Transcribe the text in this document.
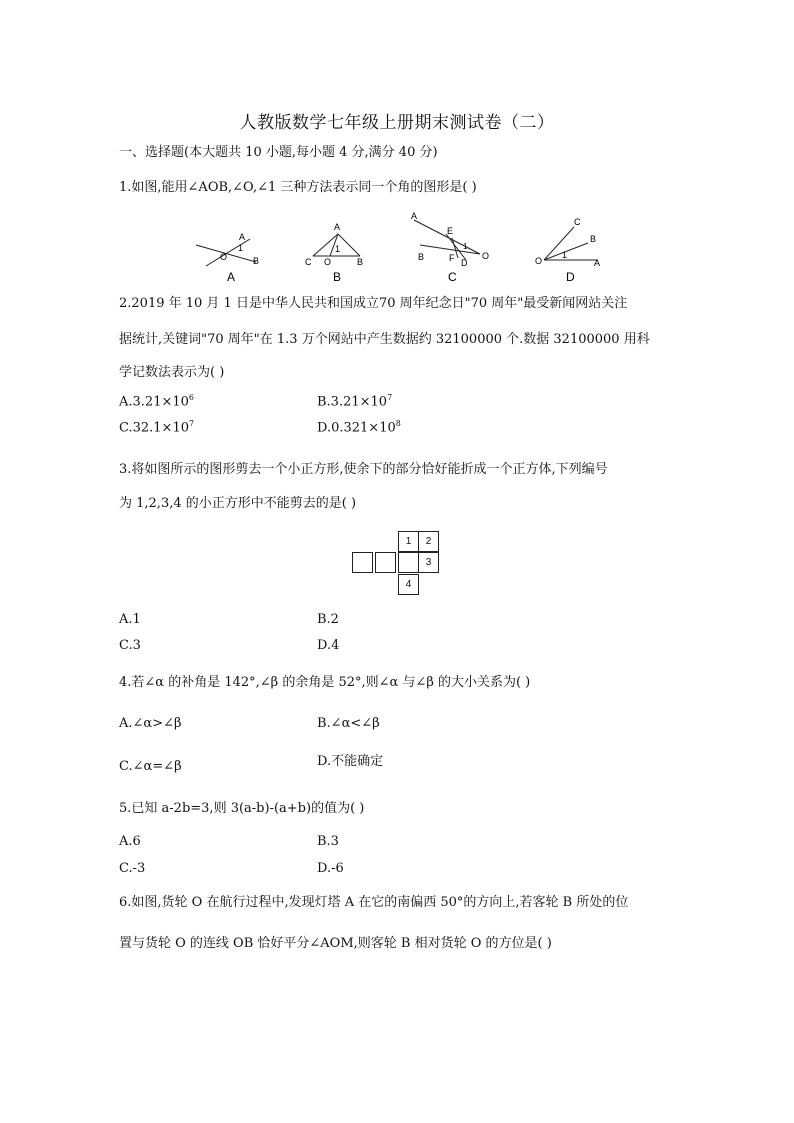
人教版数学七年级上册期末测试卷（二）
一、选择题(本大题共 10 小题,每小题 4 分,满分 40 分)
1.如图,能用∠AOB,∠O,∠1 三种方法表示同一个角的图形是( )
A
1
O	B
A
A
1
C O	B
B
A
E
1
B	F D
O
C
C
B
1
O	A
D
2.2019 年 10 月 1 日是中华人民共和国成立70 周年纪念日"70 周年"最受新闻网站关注
据统计,关键词"70 周年"在 1.3 万个网站中产生数据约 32100000 个.数据 32100000 用科
学记数法表示为( )
$A.3.21\times 10^6$	$B.3.21\times 10^7$
$C.32.1\times 10^7$	$D.0.321\times 10^8$
3.将如图所示的图形剪去一个小正方形,使余下的部分恰好能折成一个正方体,下列编号
为 1,2,3,4 的小正方形中不能剪去的是( )
1	2
3
4
A.1	B.2
C.3	D.4
4.若∠α 的补角是 142°,∠β 的余角是 52°,则∠α 与∠β 的大小关系为( )
A.∠α>∠β	B.∠α<∠β
C.∠α=∠β	D.不能确定
5.已知 a-2b=3,则 3(a-b)-(a+b)的值为( )
A.6	B.3
C.-3	D.-6
6.如图,货轮 O 在航行过程中,发现灯塔 A 在它的南偏西 50°的方向上,若客轮 B 所处的位
置与货轮 O 的连线 OB 恰好平分∠AOM,则客轮 B 相对货轮 O 的方位是( )
